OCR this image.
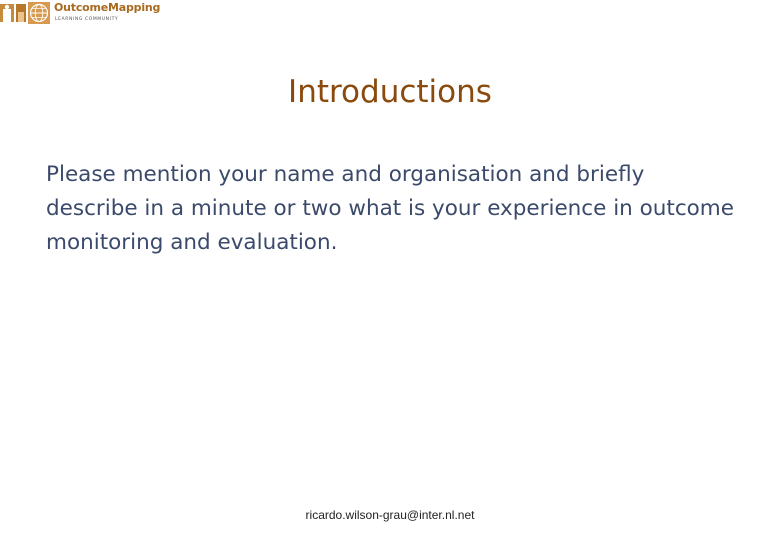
OutcomeMapping
LEARNING COMMUNITY
Introductions

Please mention your name and organisation and briefly describe in a minute or two what is your experience in outcome monitoring and evaluation.

ricardo.wilson-grau@inter.nl.net
